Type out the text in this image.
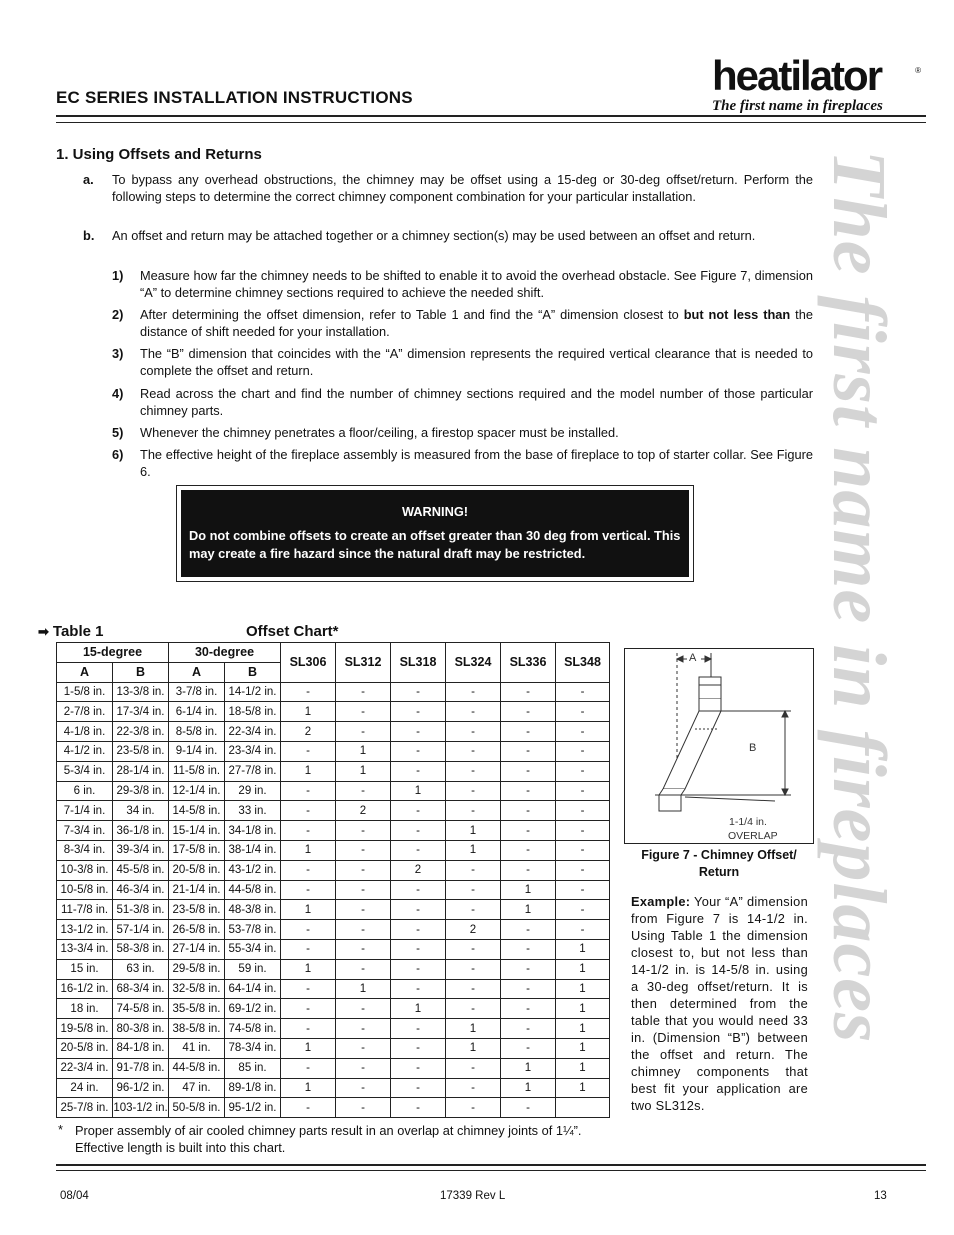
EC SERIES INSTALLATION INSTRUCTIONS	heatilator	®
The first name in fireplaces
The first name in fireplaces
1. Using Offsets and Returns
a. To bypass any overhead obstructions, the chimney may be offset using a 15-deg or 30-deg offset/return. Perform the following steps to determine the correct chimney component combination for your particular installation.
b. An offset and return may be attached together or a chimney section(s) may be used between an offset and return.
1) Measure how far the chimney needs to be shifted to enable it to avoid the overhead obstacle. See Figure 7, dimension “A” to determine chimney sections required to achieve the needed shift.
2) After determining the offset dimension, refer to Table 1 and find the “A” dimension closest to but not less than the distance of shift needed for your installation.
3) The “B” dimension that coincides with the “A” dimension represents the required vertical clearance that is needed to complete the offset and return.
4) Read across the chart and find the number of chimney sections required and the model number of those particular chimney parts.
5) Whenever the chimney penetrates a floor/ceiling, a firestop spacer must be installed.
6) The effective height of the fireplace assembly is measured from the base of fireplace to top of starter collar. See Figure 6.
WARNING!
Do not combine offsets to create an offset greater than 30 deg from vertical. This may create a fire hazard since the natural draft may be restricted.
➡ Table 1	Offset Chart*
15-degree		30-degree		SL306	SL312	SL318	SL324	SL336	SL348
A	B	A	B						
1-5/8 in.	13-3/8 in.	3-7/8 in.	14-1/2 in.	-	-	-	-	-	-
2-7/8 in.	17-3/4 in.	6-1/4 in.	18-5/8 in.	1	-	-	-	-	-
4-1/8 in.	22-3/8 in.	8-5/8 in.	22-3/4 in.	2	-	-	-	-	-
4-1/2 in.	23-5/8 in.	9-1/4 in.	23-3/4 in.	-	1	-	-	-	-
5-3/4 in.	28-1/4 in.	11-5/8 in.	27-7/8 in.	1	1	-	-	-	-
6 in.	29-3/8 in.	12-1/4 in.	29 in.	-	-	1	-	-	-
7-1/4 in.	34 in.	14-5/8 in.	33 in.	-	2	-	-	-	-
7-3/4 in.	36-1/8 in.	15-1/4 in.	34-1/8 in.	-	-	-	1	-	-
8-3/4 in.	39-3/4 in.	17-5/8 in.	38-1/4 in.	1	-	-	1	-	-
10-3/8 in.	45-5/8 in.	20-5/8 in.	43-1/2 in.	-	-	2	-	-	-
10-5/8 in.	46-3/4 in.	21-1/4 in.	44-5/8 in.	-	-	-	-	1	-
11-7/8 in.	51-3/8 in.	23-5/8 in.	48-3/8 in.	1	-	-	-	1	-
13-1/2 in.	57-1/4 in.	26-5/8 in.	53-7/8 in.	-	-	-	2	-	-
13-3/4 in.	58-3/8 in.	27-1/4 in.	55-3/4 in.	-	-	-	-	-	1
15 in.	63 in.	29-5/8 in.	59 in.	1	-	-	-	-	1
16-1/2 in.	68-3/4 in.	32-5/8 in.	64-1/4 in.	-	1	-	-	-	1
18 in.	74-5/8 in.	35-5/8 in.	69-1/2 in.	-	-	1	-	-	1
19-5/8 in.	80-3/8 in.	38-5/8 in.	74-5/8 in.	-	-	-	1	-	1
20-5/8 in.	84-1/8 in.	41 in.	78-3/4 in.	1	-	-	1	-	1
22-3/4 in.	91-7/8 in.	44-5/8 in.	85 in.	-	-	-	-	1	1
24 in.	96-1/2 in.	47 in.	89-1/8 in.	1	-	-	-	1	1
25-7/8 in.	103-1/2 in.	50-5/8 in.	95-1/2 in.	-	-	-	-	-	
A
B
1-1/4 in.
OVERLAP
Figure 7 - Chimney Offset/ Return
Example: Your “A” dimension from Figure 7 is 14-1/2 in. Using Table 1 the dimension closest to, but not less than 14-1/2 in. is 14-5/8 in. using a 30-deg offset/return. It is then determined from the table that you would need 33 in. (Dimension “B”) between the offset and return. The chimney components that best fit your application are two SL312s.
* Proper assembly of air cooled chimney parts result in an overlap at chimney joints of 1¼”. Effective length is built into this chart.
08/04	17339 Rev L	13
